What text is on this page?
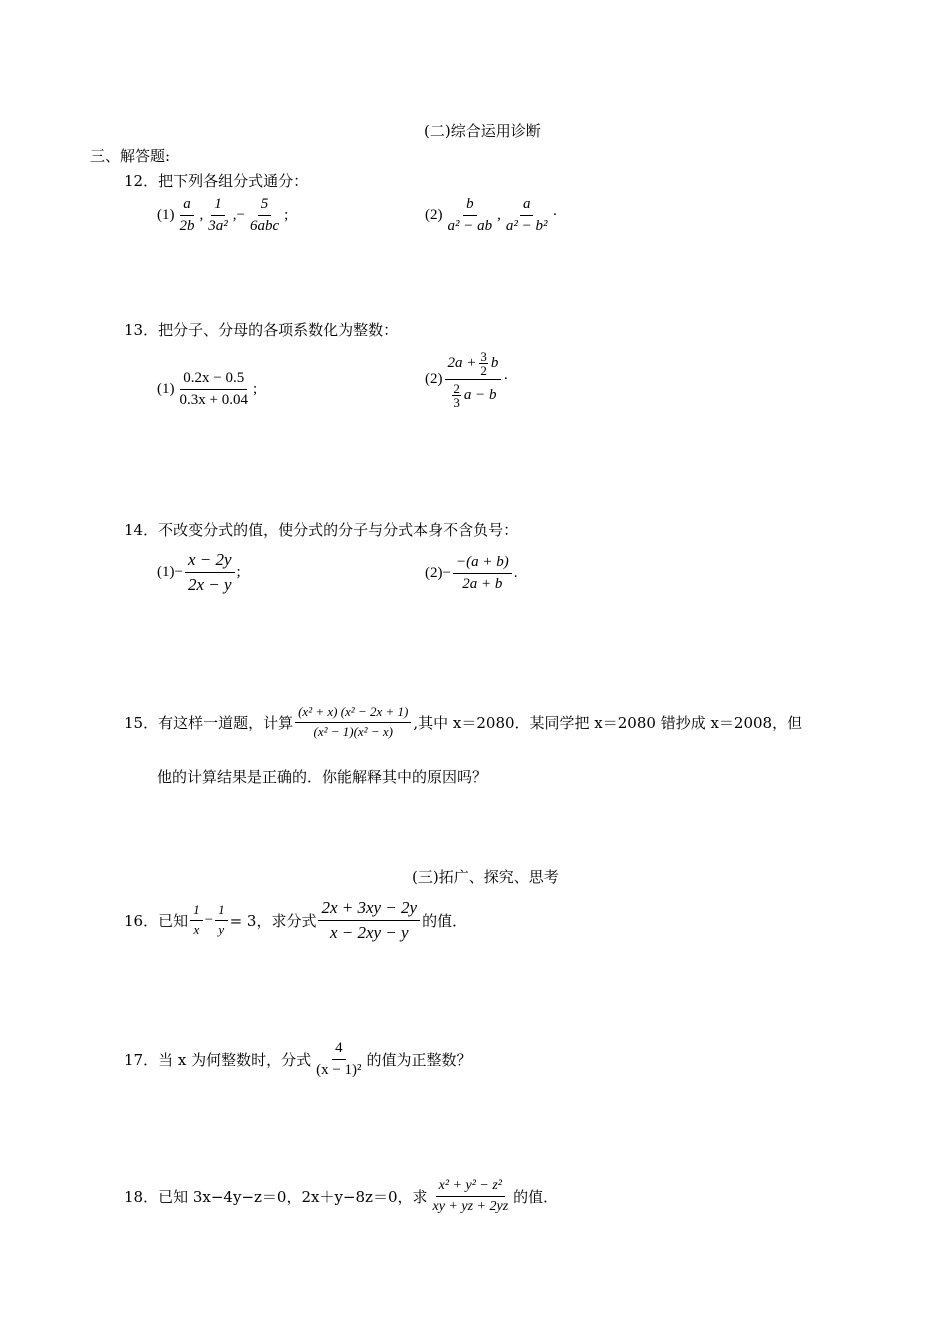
(二)综合运用诊断
三、解答题:
12．把下列各组分式通分：
$(1) \frac{a}{2b}$ , $\frac{1}{\text{3a²}}$ ,− $\frac{5}{\text{6abc}}$ ;	$(2) \frac{b}{\text{a² − ab}}$ , $\frac{a}{\text{a² − b²}}$ ·
13．把分子、分母的各项系数化为整数：
$(1) \frac{0.2x - 0.5}{0.3x + 0.04}$ ;
$(2) \frac{2a + \frac{3}{2} b}{\frac{2}{3} a - b}$ ·
14．不改变分式的值，使分式的分子与分式本身不含负号：
$(1) - \frac{x - 2y}{2x - y}$ ;	$(2) - \frac{-(a + b)}{2a + b}$ .
15．有这样一道题，计算 $\frac{\text{(x² + x) (x² − 2x + 1)}}{\text{(x² − 1)(x² − x)}}$ ,其中 x＝2080．某同学把 x＝2080 错抄成 x＝2008，但
他的计算结果是正确的．你能解释其中的原因吗？
(三)拓广、探究、思考
16．已知 $\frac{1}{x} - \frac{1}{y} = 3$，求分式 $\frac{2x + 3xy - 2y}{x - 2xy - y}$ 的值．
17．当 x 为何整数时，分式 $\frac{4}{\text{(x − 1)²}}$ 的值为正整数？
18．已知 3x−4y−z＝0，2x＋y−8z＝0，求 $\frac{\text{x² + y² − z²}}{xy + yz + 2yz}$ 的值．
